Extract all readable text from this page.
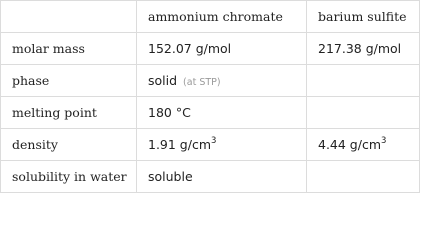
	ammonium chromate	barium sulfite
molar mass	152.07 g/mol	217.38 g/mol
phase	solid (at STP)	
melting point	180 °C	
density	1.91 $g/cm^3$	4.44 $g/cm^3$
solubility in water	soluble	
